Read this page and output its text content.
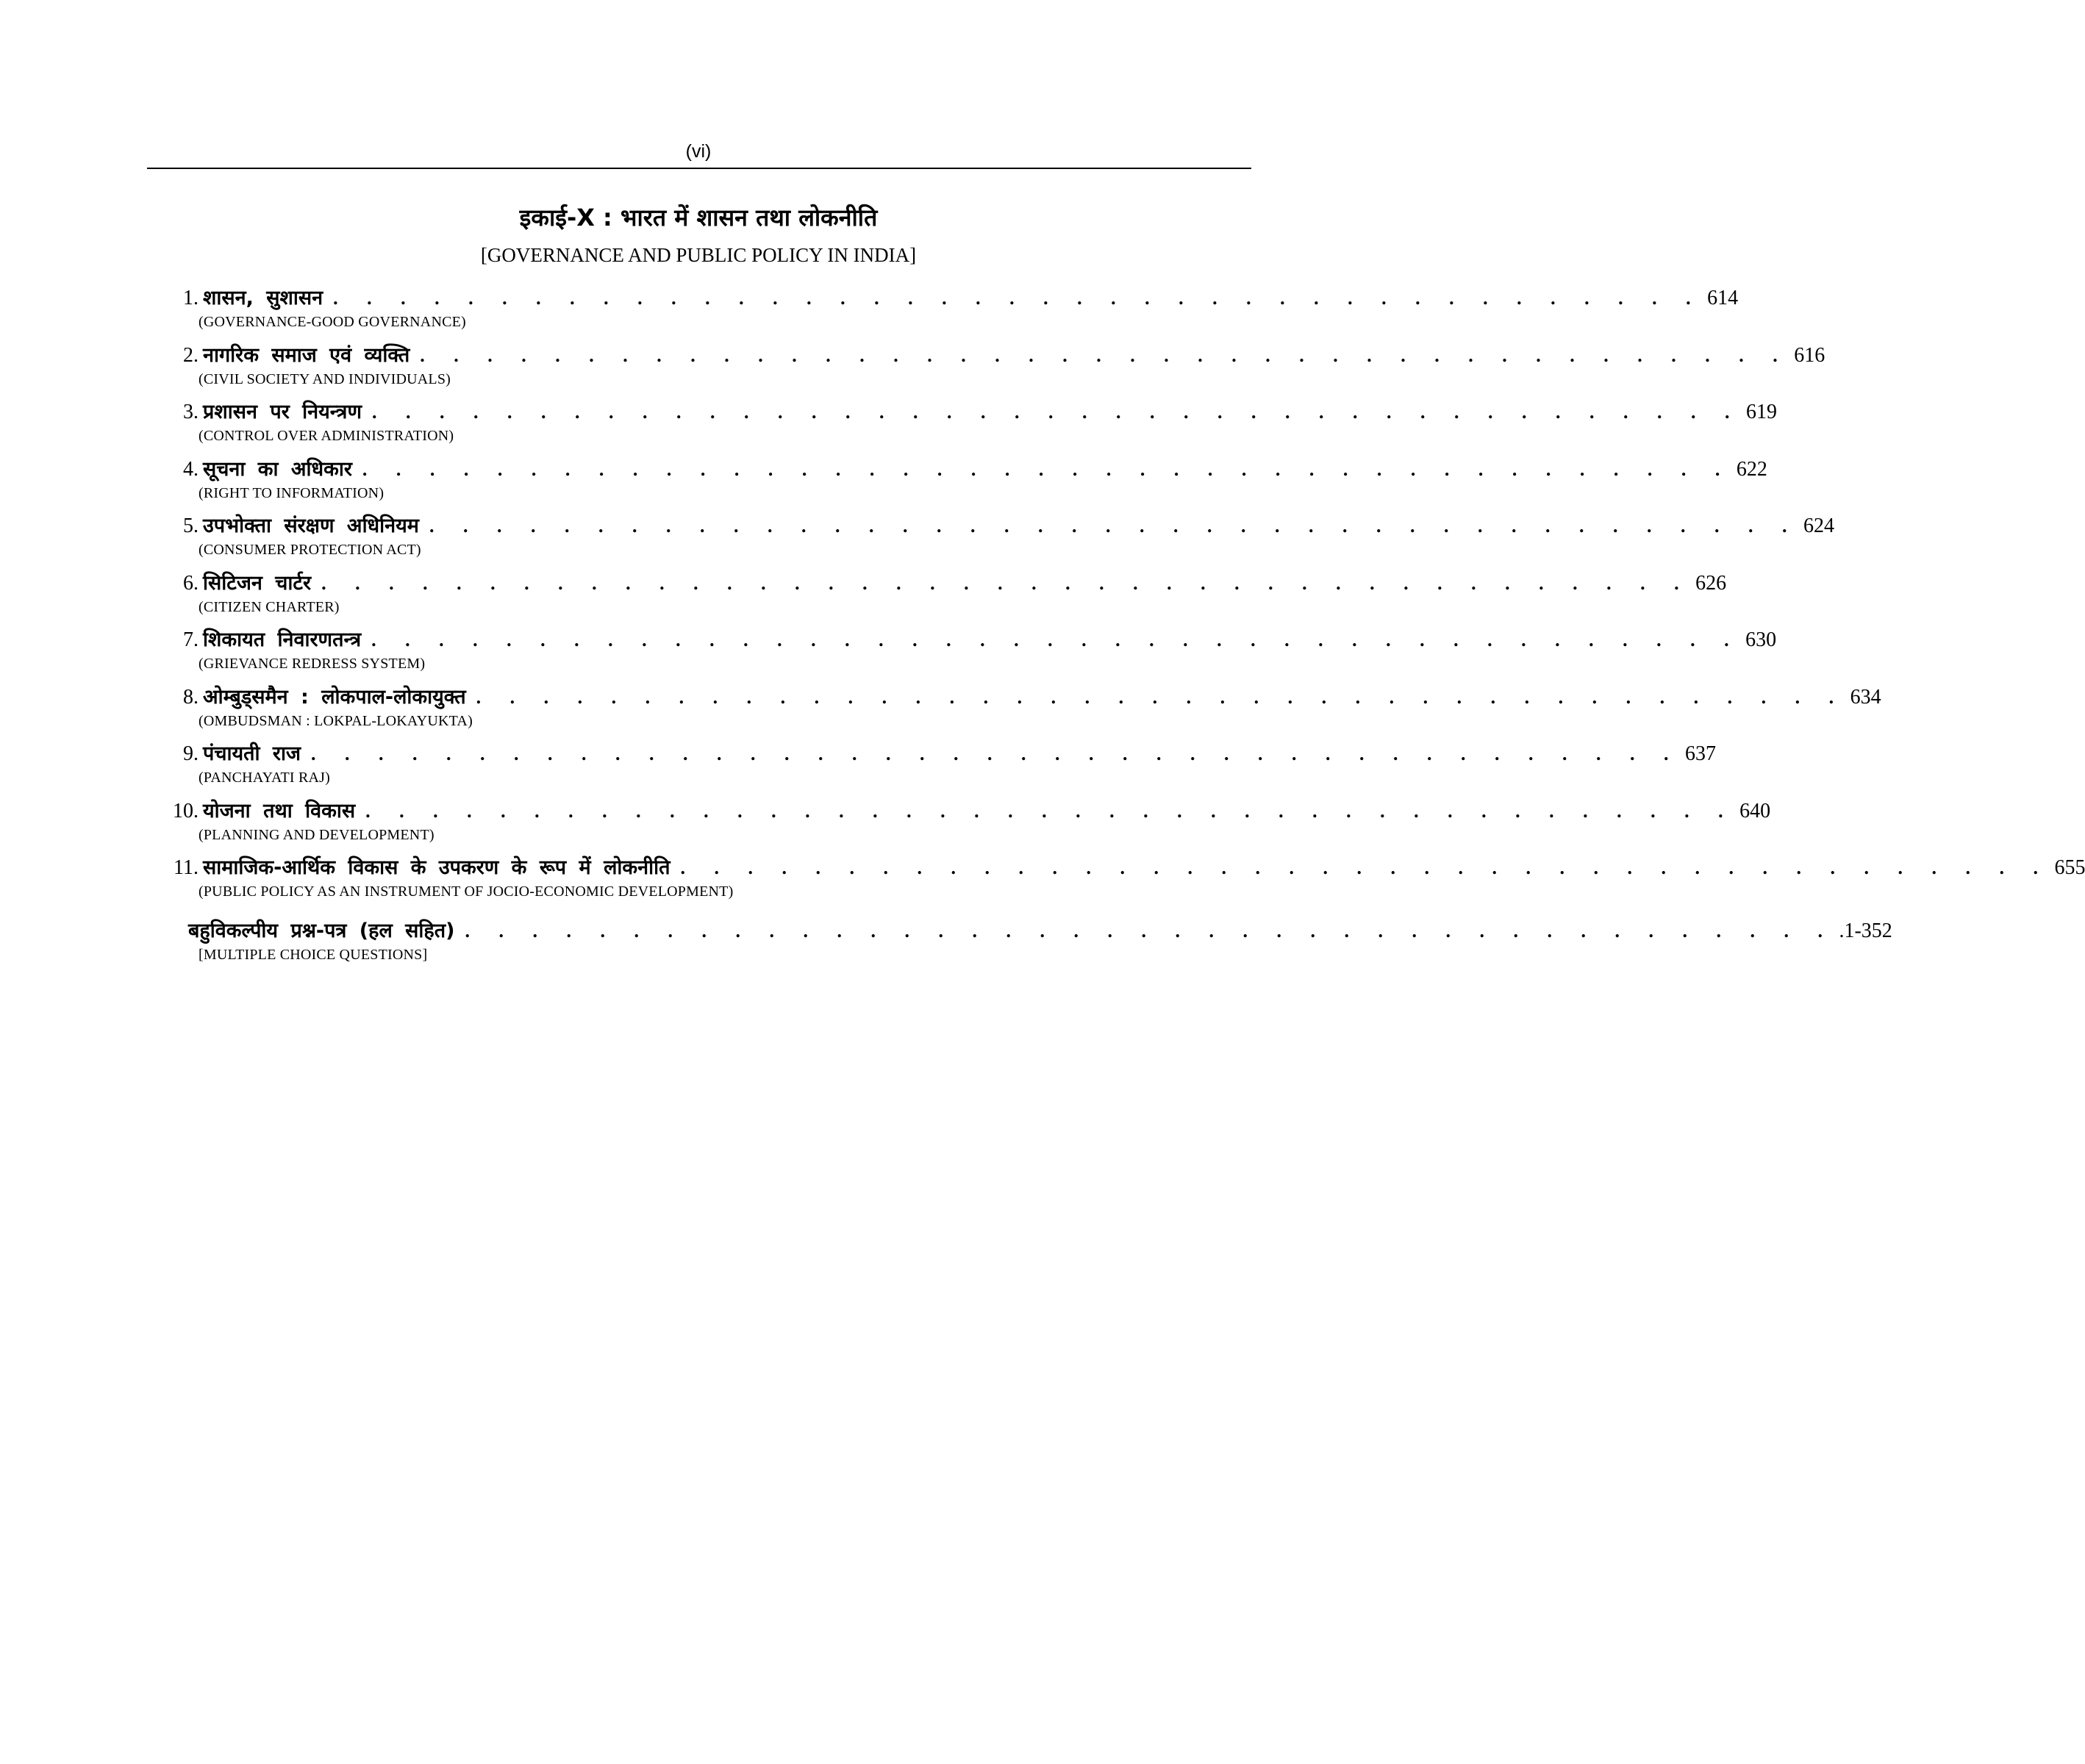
(vi)
इकाई-X : भारत में शासन तथा लोकनीति
[GOVERNANCE AND PUBLIC POLICY IN INDIA]
1. शासन, सुशासन . . . . . . . . . . . . . . . . . . . . . . . . . . . . . . . . . . . . . . . . . 614
(GOVERNANCE-GOOD GOVERNANCE)
2. नागरिक समाज एवं व्यक्ति . . . . . . . . . . . . . . . . . . . . . . . . . . . . . . . . . . . . . . . . . 616
(CIVIL SOCIETY AND INDIVIDUALS)
3. प्रशासन पर नियन्त्रण . . . . . . . . . . . . . . . . . . . . . . . . . . . . . . . . . . . . . . . . . 619
(CONTROL OVER ADMINISTRATION)
4. सूचना का अधिकार . . . . . . . . . . . . . . . . . . . . . . . . . . . . . . . . . . . . . . . . . 622
(RIGHT TO INFORMATION)
5. उपभोक्ता संरक्षण अधिनियम . . . . . . . . . . . . . . . . . . . . . . . . . . . . . . . . . . . . . . . . . 624
(CONSUMER PROTECTION ACT)
6. सिटिजन चार्टर . . . . . . . . . . . . . . . . . . . . . . . . . . . . . . . . . . . . . . . . . 626
(CITIZEN CHARTER)
7. शिकायत निवारणतन्त्र . . . . . . . . . . . . . . . . . . . . . . . . . . . . . . . . . . . . . . . . . 630
(GRIEVANCE REDRESS SYSTEM)
8. ओम्बुड्समैन : लोकपाल-लोकायुक्त . . . . . . . . . . . . . . . . . . . . . . . . . . . . . . . . . . . . . . . . . 634
(OMBUDSMAN : LOKPAL-LOKAYUKTA)
9. पंचायती राज . . . . . . . . . . . . . . . . . . . . . . . . . . . . . . . . . . . . . . . . . 637
(PANCHAYATI RAJ)
10. योजना तथा विकास . . . . . . . . . . . . . . . . . . . . . . . . . . . . . . . . . . . . . . . . . 640
(PLANNING AND DEVELOPMENT)
11. सामाजिक-आर्थिक विकास के उपकरण के रूप में लोकनीति . . . . . . . . . . . . . . . . . . . . . . . . . . . . . . . . . . . . . . . . . 655
(PUBLIC POLICY AS AN INSTRUMENT OF JOCIO-ECONOMIC DEVELOPMENT)
बहुविकल्पीय प्रश्न-पत्र (हल सहित) . . . . . . . . . . . . . . . . . . . . . . . . . . . . . . . . . . . . . . . . . .1-352
[MULTIPLE CHOICE QUESTIONS]
